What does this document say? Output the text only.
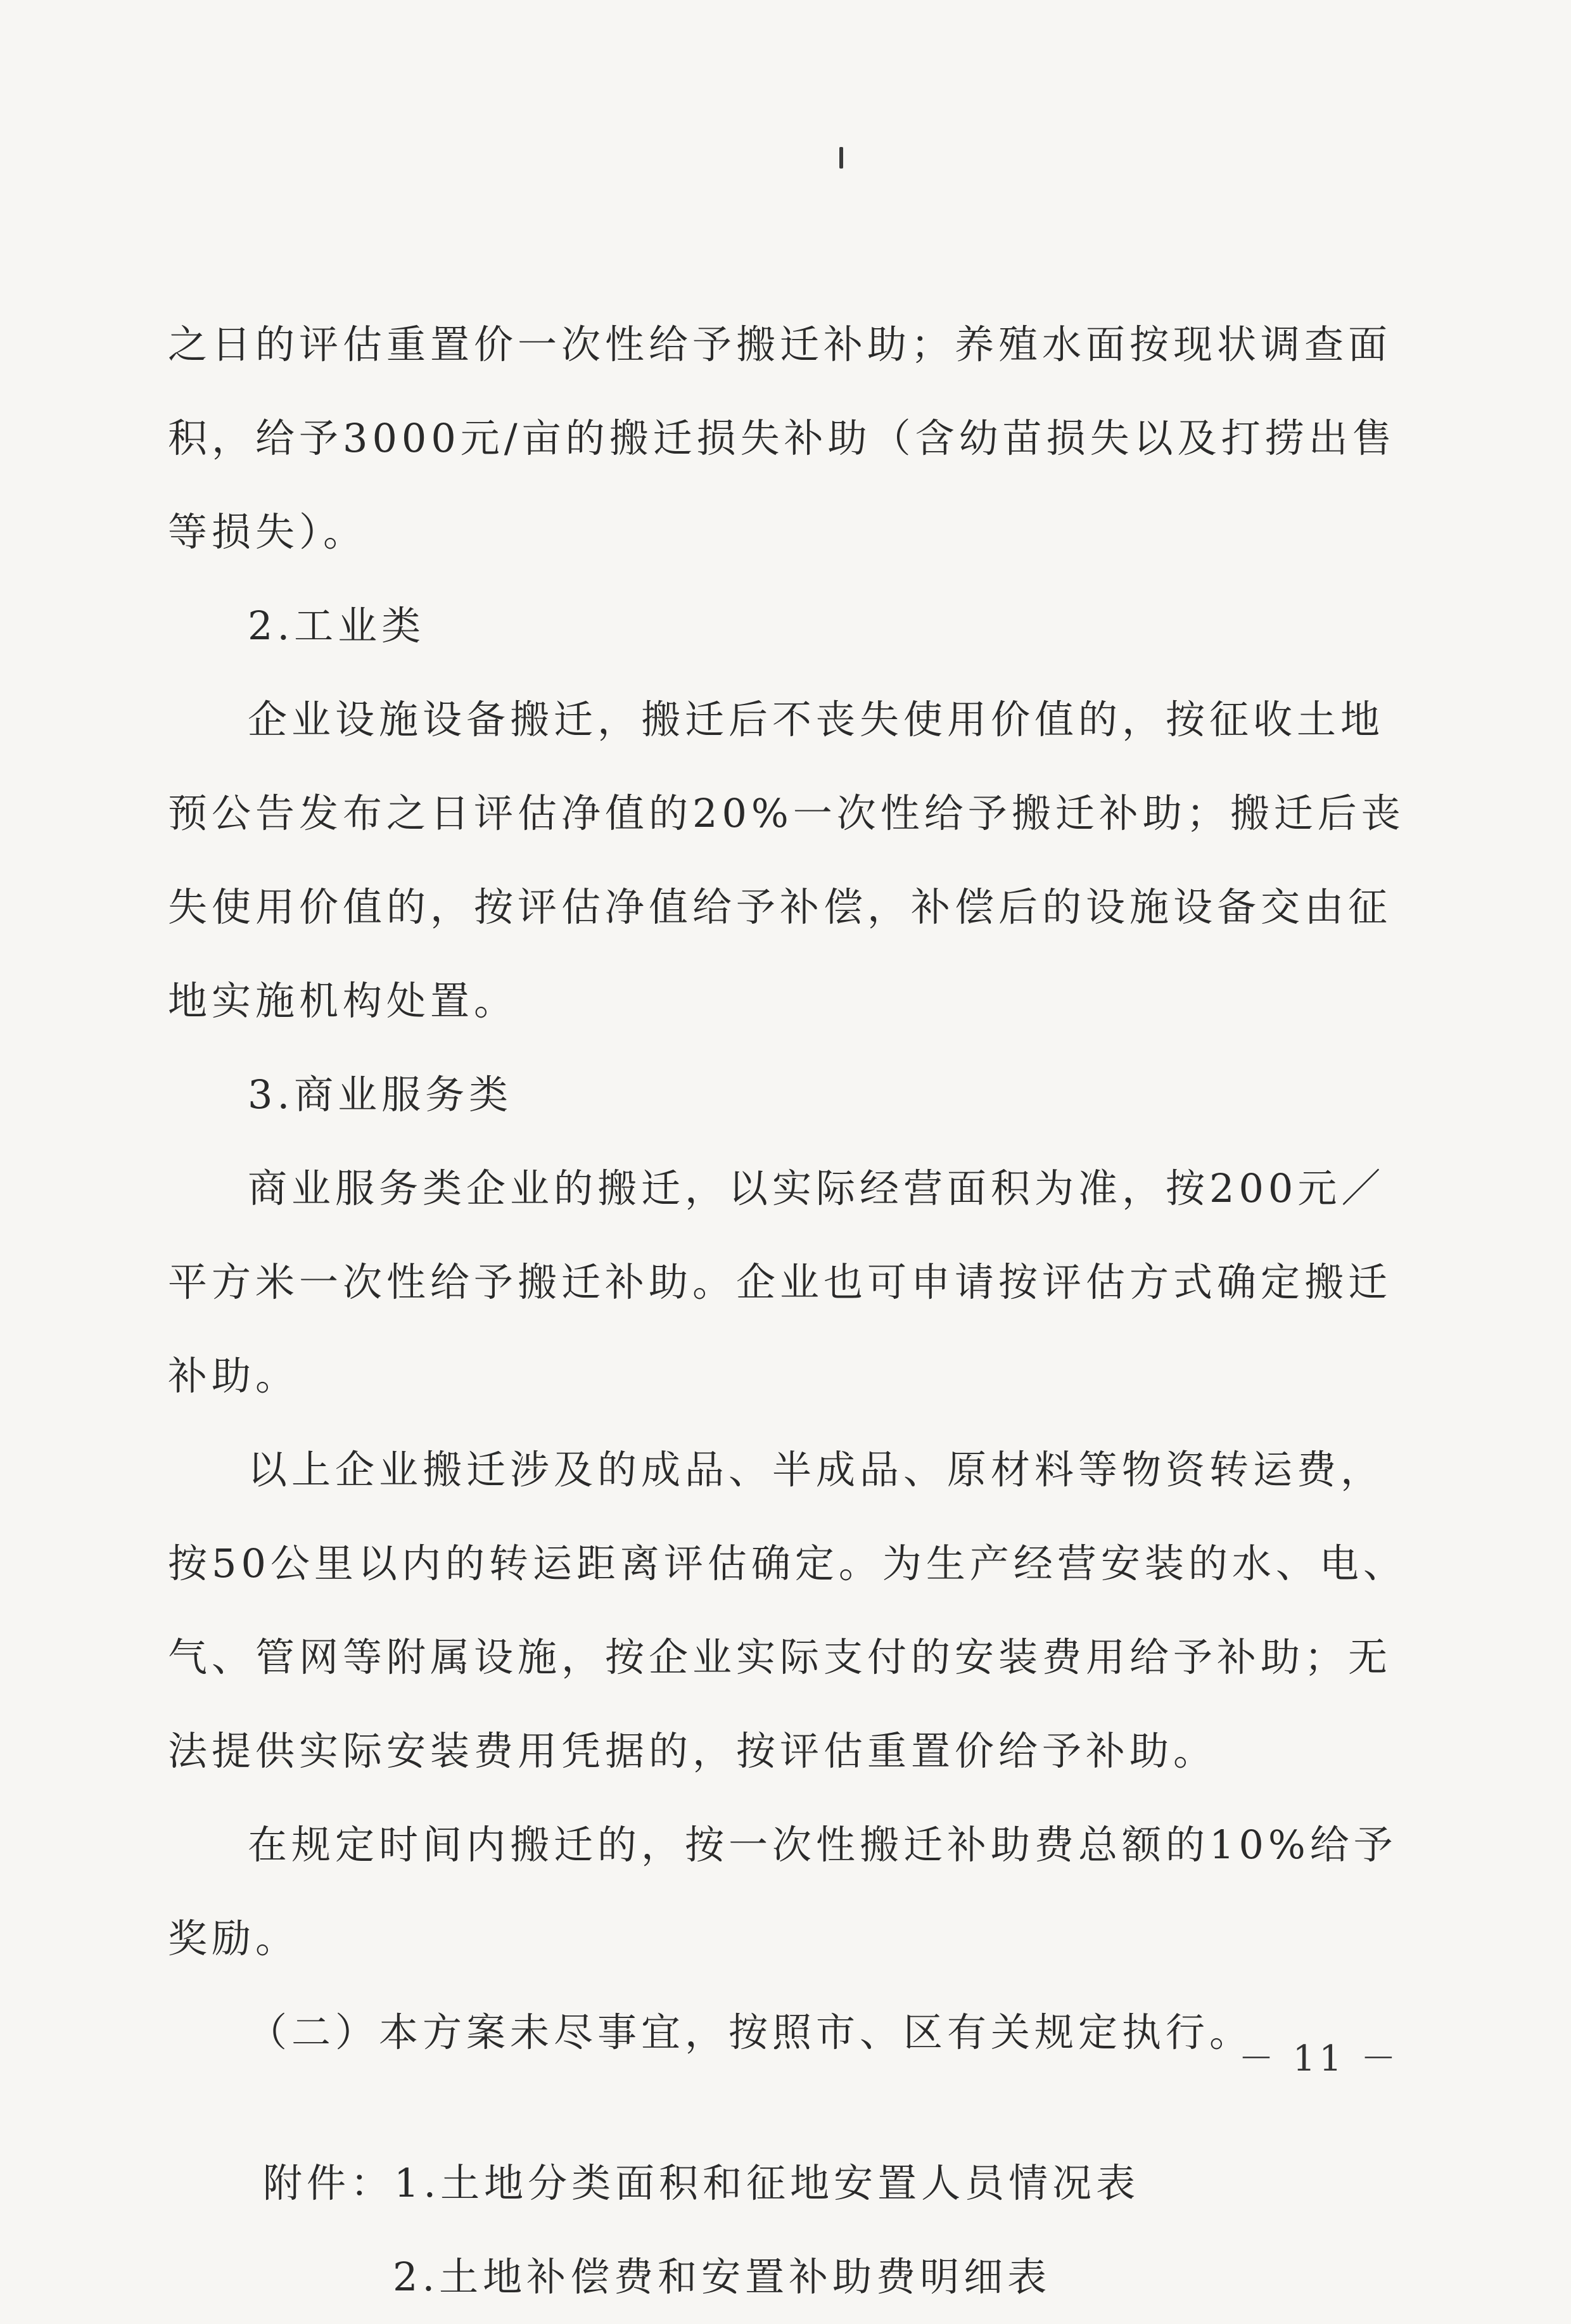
之日的评估重置价一次性给予搬迁补助；养殖水面按现状调查面
积，给予3000元/亩的搬迁损失补助（含幼苗损失以及打捞出售
等损失）。
2.工业类
企业设施设备搬迁，搬迁后不丧失使用价值的，按征收土地
预公告发布之日评估净值的20%一次性给予搬迁补助；搬迁后丧
失使用价值的，按评估净值给予补偿，补偿后的设施设备交由征
地实施机构处置。
3.商业服务类
商业服务类企业的搬迁，以实际经营面积为准，按200元／
平方米一次性给予搬迁补助。企业也可申请按评估方式确定搬迁
补助。
以上企业搬迁涉及的成品、半成品、原材料等物资转运费，
按50公里以内的转运距离评估确定。为生产经营安装的水、电、
气、管网等附属设施，按企业实际支付的安装费用给予补助；无
法提供实际安装费用凭据的，按评估重置价给予补助。
在规定时间内搬迁的，按一次性搬迁补助费总额的10%给予
奖励。
（二）本方案未尽事宜，按照市、区有关规定执行。
附件：1.土地分类面积和征地安置人员情况表
2.土地补偿费和安置补助费明细表
－ 11 －
